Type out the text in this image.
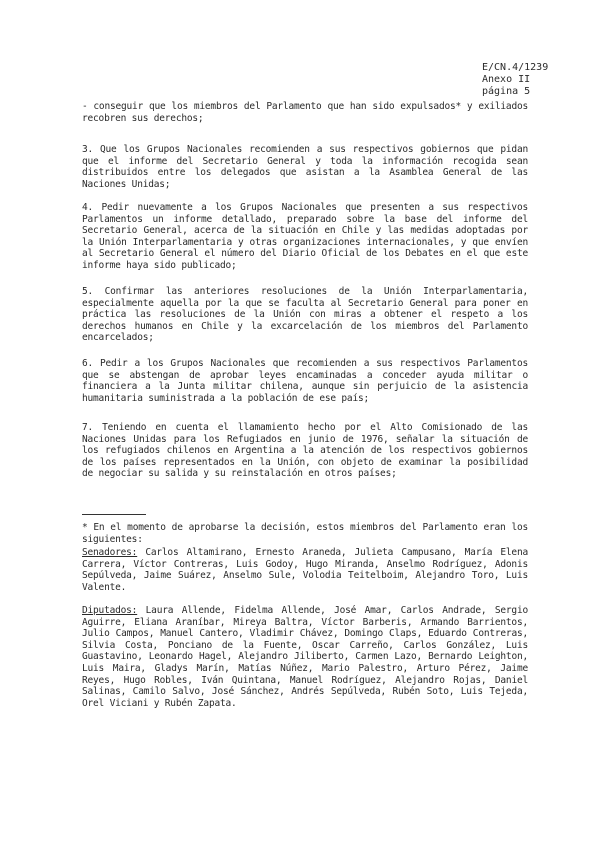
E/CN.4/1239
Anexo II
página 5
- conseguir que los miembros del Parlamento que han sido expulsados* y exiliados recobren sus derechos;
3. Que los Grupos Nacionales recomienden a sus respectivos gobiernos que pidan que el informe del Secretario General y toda la información recogida sean distribuidos entre los delegados que asistan a la Asamblea General de las Naciones Unidas;
4. Pedir nuevamente a los Grupos Nacionales que presenten a sus respectivos Parlamentos un informe detallado, preparado sobre la base del informe del Secretario General, acerca de la situación en Chile y las medidas adoptadas por la Unión Interparlamentaria y otras organizaciones internacionales, y que envíen al Secretario General el número del Diario Oficial de los Debates en el que este informe haya sido publicado;
5. Confirmar las anteriores resoluciones de la Unión Interparlamentaria, especialmente aquella por la que se faculta al Secretario General para poner en práctica las resoluciones de la Unión con miras a obtener el respeto a los derechos humanos en Chile y la excarcelación de los miembros del Parlamento encarcelados;
6. Pedir a los Grupos Nacionales que recomienden a sus respectivos Parlamentos que se abstengan de aprobar leyes encaminadas a conceder ayuda militar o financiera a la Junta militar chilena, aunque sin perjuicio de la asistencia humanitaria suministrada a la población de ese país;
7. Teniendo en cuenta el llamamiento hecho por el Alto Comisionado de las Naciones Unidas para los Refugiados en junio de 1976, señalar la situación de los refugiados chilenos en Argentina a la atención de los respectivos gobiernos de los países representados en la Unión, con objeto de examinar la posibilidad de negociar su salida y su reinstalación en otros países;
* En el momento de aprobarse la decisión, estos miembros del Parlamento eran los siguientes:
Senadores: Carlos Altamirano, Ernesto Araneda, Julieta Campusano, María Elena Carrera, Víctor Contreras, Luis Godoy, Hugo Miranda, Anselmo Rodríguez, Adonis Sepúlveda, Jaime Suárez, Anselmo Sule, Volodia Teitelboim, Alejandro Toro, Luis Valente.
Diputados: Laura Allende, Fidelma Allende, José Amar, Carlos Andrade, Sergio Aguirre, Eliana Araníbar, Mireya Baltra, Víctor Barberis, Armando Barrientos, Julio Campos, Manuel Cantero, Vladimir Chávez, Domingo Claps, Eduardo Contreras, Silvia Costa, Ponciano de la Fuente, Oscar Carreño, Carlos González, Luis Guastavino, Leonardo Hagel, Alejandro Jiliberto, Carmen Lazo, Bernardo Leighton, Luis Maira, Gladys Marín, Matías Núñez, Mario Palestro, Arturo Pérez, Jaime Reyes, Hugo Robles, Iván Quintana, Manuel Rodríguez, Alejandro Rojas, Daniel Salinas, Camilo Salvo, José Sánchez, Andrés Sepúlveda, Rubén Soto, Luis Tejeda, Orel Viciani y Rubén Zapata.
